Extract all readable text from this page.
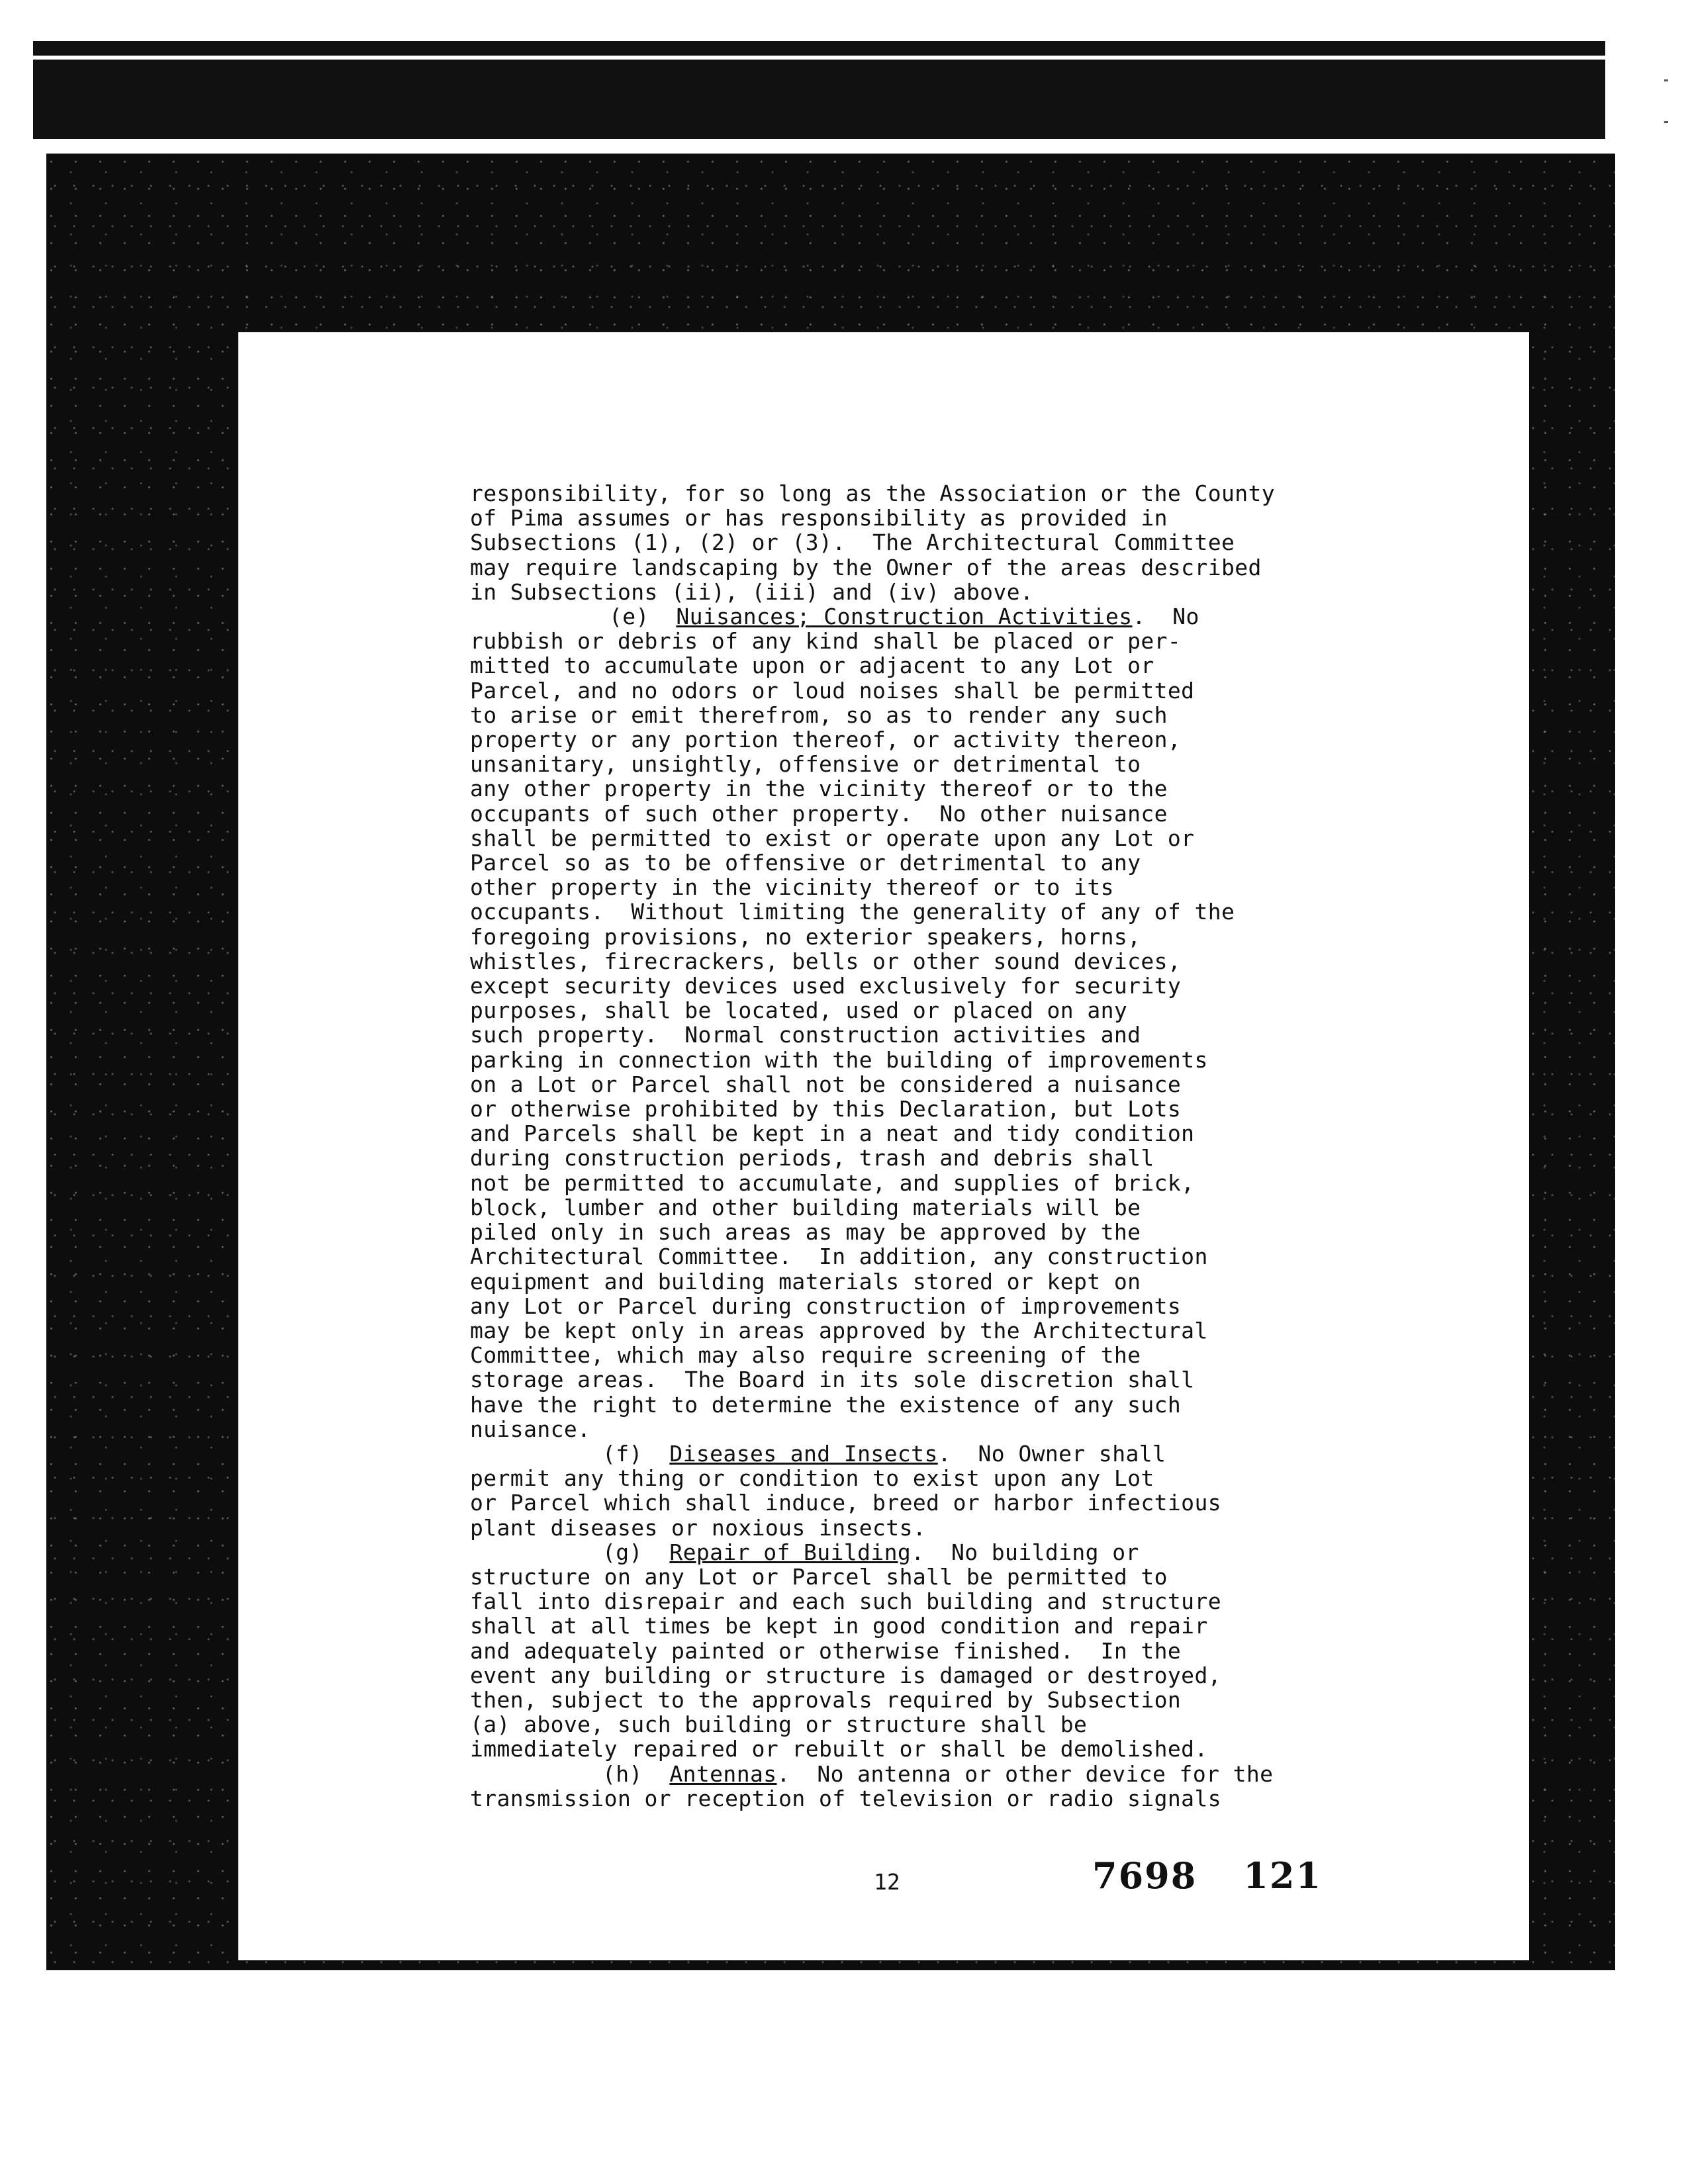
responsibility, for so long as the Association or the County

of Pima assumes or has responsibility as provided in

Subsections (1), (2) or (3).  The Architectural Committee

may require landscaping by the Owner of the areas described

in Subsections (ii), (iii) and (iv) above.

(e) Nuisances; Construction Activities.  No

rubbish or debris of any kind shall be placed or per-

mitted to accumulate upon or adjacent to any Lot or

Parcel, and no odors or loud noises shall be permitted

to arise or emit therefrom, so as to render any such

property or any portion thereof, or activity thereon,

unsanitary, unsightly, offensive or detrimental to

any other property in the vicinity thereof or to the

occupants of such other property.  No other nuisance

shall be permitted to exist or operate upon any Lot or

Parcel so as to be offensive or detrimental to any

other property in the vicinity thereof or to its

occupants.  Without limiting the generality of any of the

foregoing provisions, no exterior speakers, horns,

whistles, firecrackers, bells or other sound devices,

except security devices used exclusively for security

purposes, shall be located, used or placed on any

such property.  Normal construction activities and

parking in connection with the building of improvements

on a Lot or Parcel shall not be considered a nuisance

or otherwise prohibited by this Declaration, but Lots

and Parcels shall be kept in a neat and tidy condition

during construction periods, trash and debris shall

not be permitted to accumulate, and supplies of brick,

block, lumber and other building materials will be

piled only in such areas as may be approved by the

Architectural Committee.  In addition, any construction

equipment and building materials stored or kept on

any Lot or Parcel during construction of improvements

may be kept only in areas approved by the Architectural

Committee, which may also require screening of the

storage areas.  The Board in its sole discretion shall

have the right to determine the existence of any such

nuisance.

(f) Diseases and Insects.  No Owner shall

permit any thing or condition to exist upon any Lot

or Parcel which shall induce, breed or harbor infectious

plant diseases or noxious insects.

(g) Repair of Building.  No building or

structure on any Lot or Parcel shall be permitted to

fall into disrepair and each such building and structure

shall at all times be kept in good condition and repair

and adequately painted or otherwise finished.  In the

event any building or structure is damaged or destroyed,

then, subject to the approvals required by Subsection

(a) above, such building or structure shall be

immediately repaired or rebuilt or shall be demolished.

(h) Antennas.  No antenna or other device for the

transmission or reception of television or radio signals

12	7698 121
